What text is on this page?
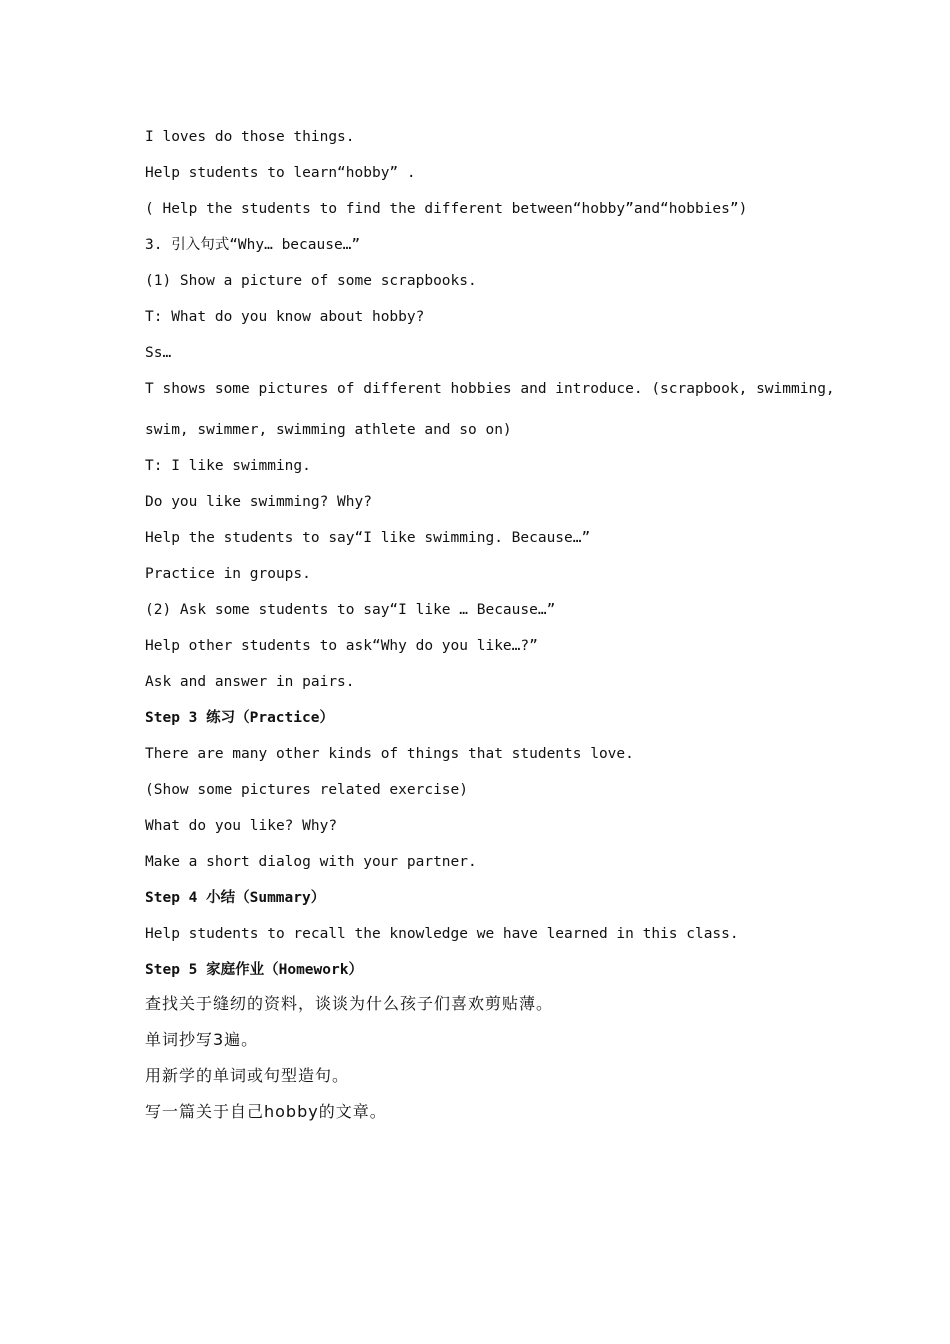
I loves do those things.

Help students to learn“hobby” .

( Help the students to find the different between“hobby”and“hobbies”)

3. 引入句式“Why… because…”

(1) Show a picture of some scrapbooks.

T: What do you know about hobby?

Ss…

T shows some pictures of different hobbies and introduce. (scrapbook, swimming,

swim, swimmer, swimming athlete and so on)

T: I like swimming.

Do you like swimming? Why?

Help the students to say“I like swimming. Because…”

Practice in groups.

(2) Ask some students to say“I like … Because…”

Help other students to ask“Why do you like…?”

Ask and answer in pairs.

Step 3 练习（Practice）

There are many other kinds of things that students love.

(Show some pictures related exercise)

What do you like? Why?

Make a short dialog with your partner.

Step 4 小结（Summary）

Help students to recall the knowledge we have learned in this class.

Step 5 家庭作业（Homework）

查找关于缝纫的资料，谈谈为什么孩子们喜欢剪贴薄。

单词抄写3遍。

用新学的单词或句型造句。

写一篇关于自己hobby的文章。
